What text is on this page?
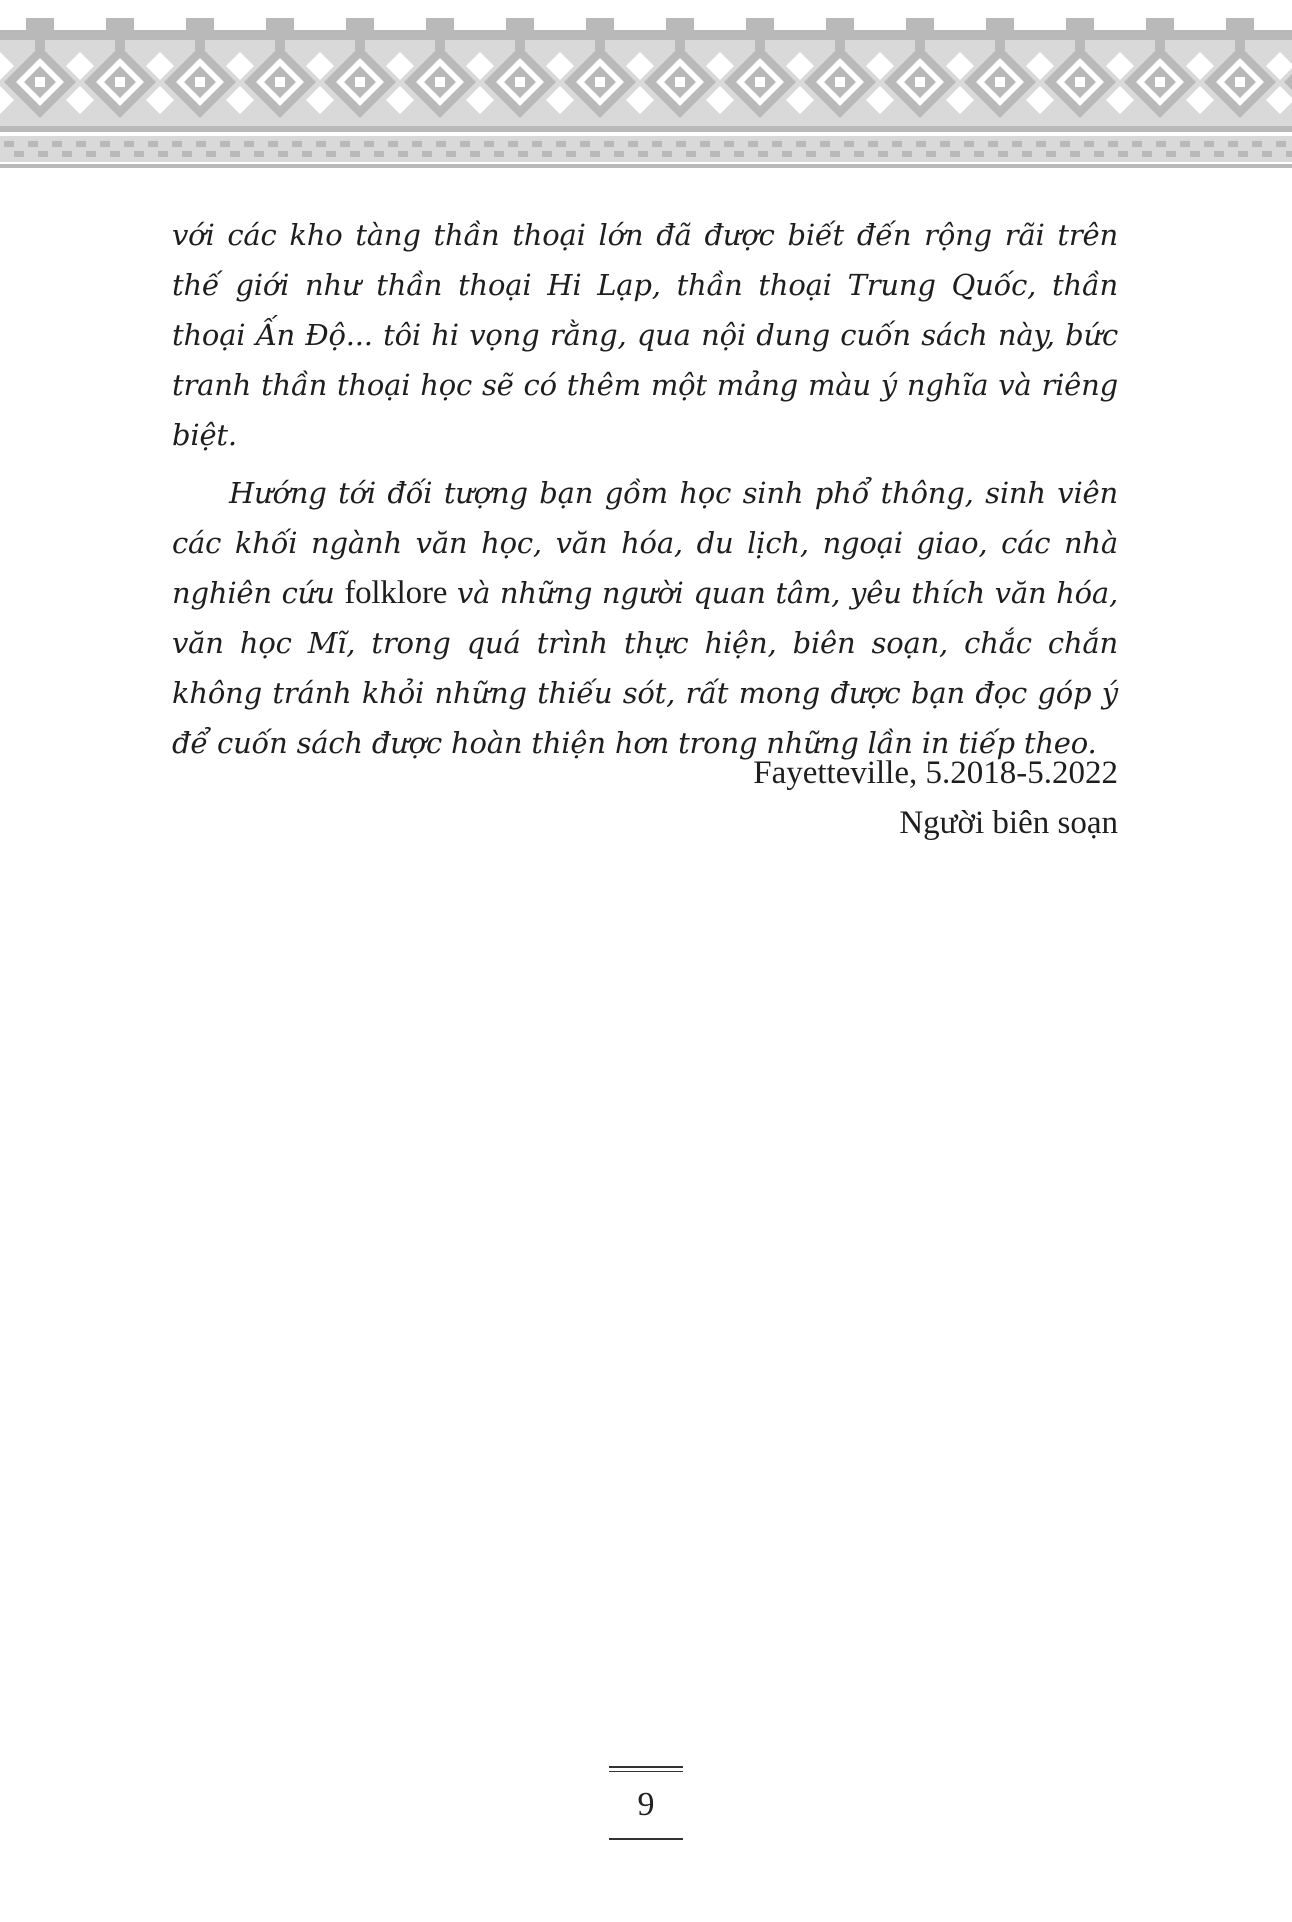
với các kho tàng thần thoại lớn đã được biết đến rộng rãi trên thế giới như thần thoại Hi Lạp, thần thoại Trung Quốc, thần thoại Ấn Độ... tôi hi vọng rằng, qua nội dung cuốn sách này, bức tranh thần thoại học sẽ có thêm một mảng màu ý nghĩa và riêng biệt.

Hướng tới đối tượng bạn gồm học sinh phổ thông, sinh viên các khối ngành văn học, văn hóa, du lịch, ngoại giao, các nhà nghiên cứu folklore và những người quan tâm, yêu thích văn hóa, văn học Mĩ, trong quá trình thực hiện, biên soạn, chắc chắn không tránh khỏi những thiếu sót, rất mong được bạn đọc góp ý để cuốn sách được hoàn thiện hơn trong những lần in tiếp theo.

Fayetteville, 5.2018-5.2022
Người biên soạn
9
